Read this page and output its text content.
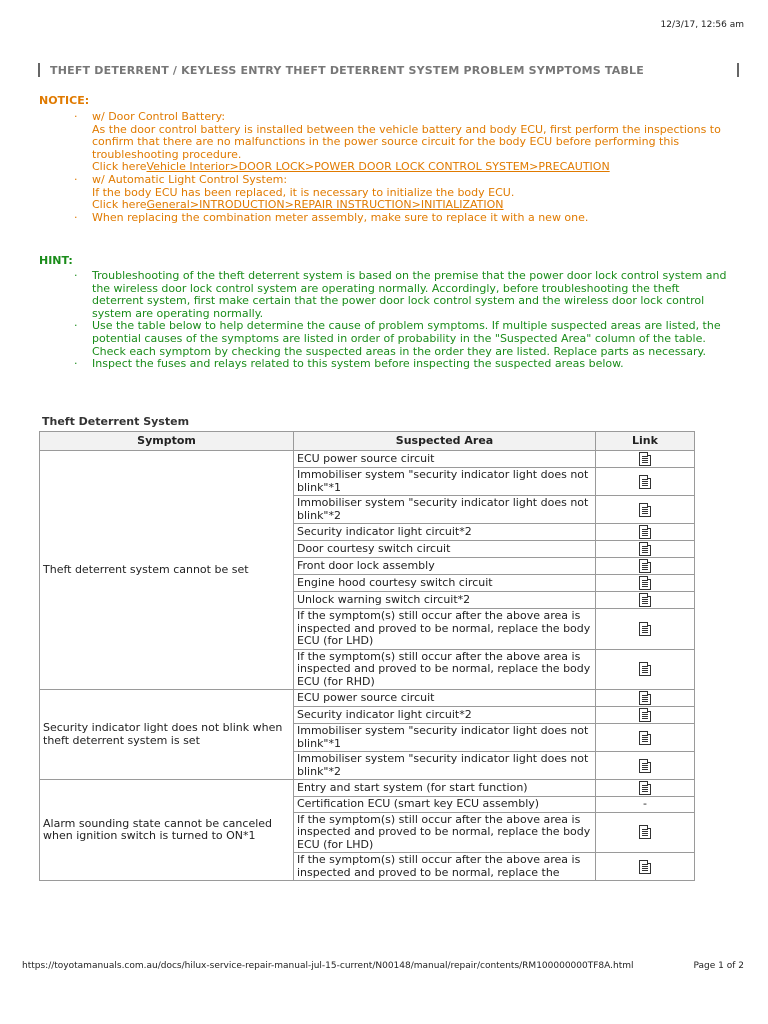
12/3/17, 12:56 am
THEFT DETERRENT / KEYLESS ENTRY THEFT DETERRENT SYSTEM PROBLEM SYMPTOMS TABLE
NOTICE:
· w/ Door Control Battery:
As the door control battery is installed between the vehicle battery and body ECU, first perform the inspections to confirm that there are no malfunctions in the power source circuit for the body ECU before performing this troubleshooting procedure.
Click hereVehicle Interior>DOOR LOCK>POWER DOOR LOCK CONTROL SYSTEM>PRECAUTION
· w/ Automatic Light Control System:
If the body ECU has been replaced, it is necessary to initialize the body ECU.
Click hereGeneral>INTRODUCTION>REPAIR INSTRUCTION>INITIALIZATION
· When replacing the combination meter assembly, make sure to replace it with a new one.
HINT:
· Troubleshooting of the theft deterrent system is based on the premise that the power door lock control system and the wireless door lock control system are operating normally. Accordingly, before troubleshooting the theft deterrent system, first make certain that the power door lock control system and the wireless door lock control system are operating normally.
· Use the table below to help determine the cause of problem symptoms. If multiple suspected areas are listed, the potential causes of the symptoms are listed in order of probability in the "Suspected Area" column of the table. Check each symptom by checking the suspected areas in the order they are listed. Replace parts as necessary.
· Inspect the fuses and relays related to this system before inspecting the suspected areas below.
Theft Deterrent System
Symptom	Suspected Area	Link
Theft deterrent system cannot be set	ECU power source circuit	
	Immobiliser system "security indicator light does not blink"*1	
	Immobiliser system "security indicator light does not blink"*2	
	Security indicator light circuit*2	
	Door courtesy switch circuit	
	Front door lock assembly	
	Engine hood courtesy switch circuit	
	Unlock warning switch circuit*2	
	If the symptom(s) still occur after the above area is inspected and proved to be normal, replace the body ECU (for LHD)	
	If the symptom(s) still occur after the above area is inspected and proved to be normal, replace the body ECU (for RHD)	
Security indicator light does not blink when theft deterrent system is set	ECU power source circuit	
	Security indicator light circuit*2	
	Immobiliser system "security indicator light does not blink"*1	
	Immobiliser system "security indicator light does not blink"*2	
Alarm sounding state cannot be canceled when ignition switch is turned to ON*1	Entry and start system (for start function)	
	Certification ECU (smart key ECU assembly)	-
	If the symptom(s) still occur after the above area is inspected and proved to be normal, replace the body ECU (for LHD)	
	If the symptom(s) still occur after the above area is inspected and proved to be normal, replace the	
https://toyotamanuals.com.au/docs/hilux-service-repair-manual-jul-15-current/N00148/manual/repair/contents/RM100000000TF8A.html	Page 1 of 2
